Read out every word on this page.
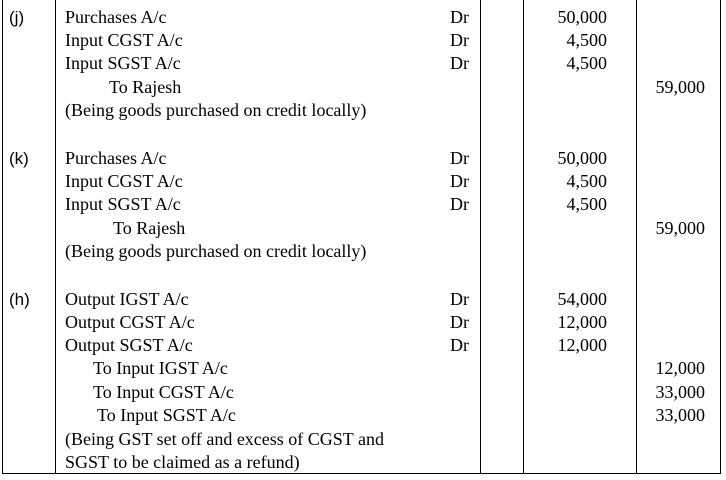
(j) Purchases A/c	Dr	50,000
Input CGST A/c	Dr	4,500
Input SGST A/c	Dr	4,500
To Rajesh	59,000
(Being goods purchased on credit locally)
(k) Purchases A/c	Dr	50,000
Input CGST A/c	Dr	4,500
Input SGST A/c	Dr	4,500
To Rajesh	59,000
(Being goods purchased on credit locally)
(h) Output IGST A/c	Dr	54,000
Output CGST A/c	Dr	12,000
Output SGST A/c	Dr	12,000
To Input IGST A/c	12,000
To Input CGST A/c	33,000
To Input SGST A/c	33,000
(Being GST set off and excess of CGST and
SGST to be claimed as a refund)
